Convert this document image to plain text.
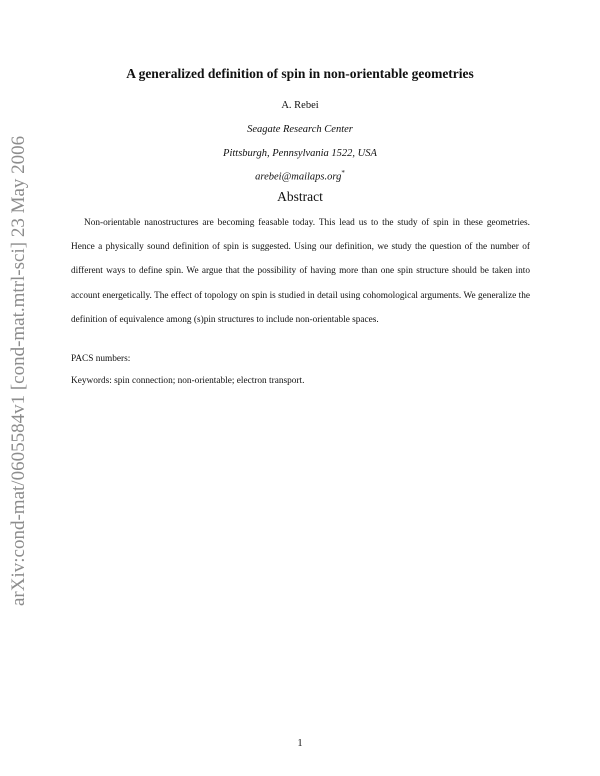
arXiv:cond-mat/0605584v1 [cond-mat.mtrl-sci] 23 May 2006
A generalized definition of spin in non-orientable geometries
A. Rebei
Seagate Research Center
Pittsburgh, Pennsylvania 1522, USA
arebei@mailaps.org*
Abstract
Non-orientable nanostructures are becoming feasable today. This lead us to the study of spin in these geometries. Hence a physically sound definition of spin is suggested. Using our definition, we study the question of the number of different ways to define spin. We argue that the possibility of having more than one spin structure should be taken into account energetically. The effect of topology on spin is studied in detail using cohomological arguments. We generalize the definition of equivalence among (s)pin structures to include non-orientable spaces.
PACS numbers:
Keywords: spin connection; non-orientable; electron transport.
1
